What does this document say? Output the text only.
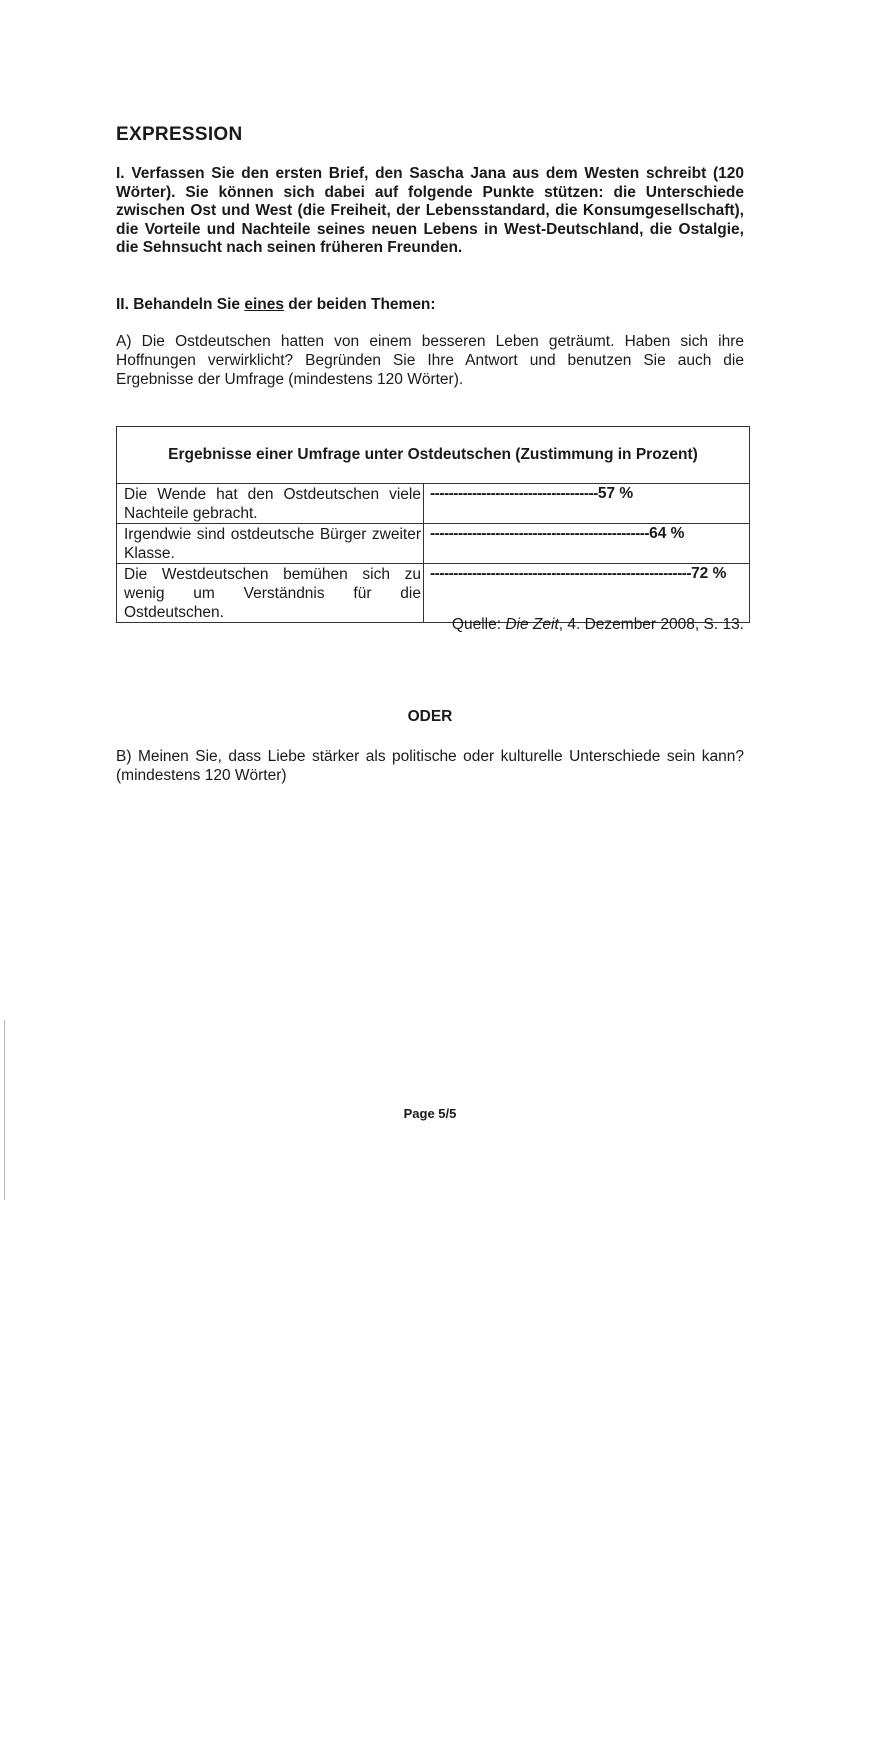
EXPRESSION

I. Verfassen Sie den ersten Brief, den Sascha Jana aus dem Westen schreibt (120 Wörter). Sie können sich dabei auf folgende Punkte stützen: die Unterschiede zwischen Ost und West (die Freiheit, der Lebensstandard, die Konsumgesellschaft), die Vorteile und Nachteile seines neuen Lebens in West-Deutschland, die Ostalgie, die Sehnsucht nach seinen früheren Freunden.

II. Behandeln Sie eines der beiden Themen:

A) Die Ostdeutschen hatten von einem besseren Leben geträumt. Haben sich ihre Hoffnungen verwirklicht? Begründen Sie Ihre Antwort und benutzen Sie auch die Ergebnisse der Umfrage (mindestens 120 Wörter).

Ergebnisse einer Umfrage unter Ostdeutschen (Zustimmung in Prozent)
Die Wende hat den Ostdeutschen viele Nachteile gebracht.
------------------------------------57 %
Irgendwie sind ostdeutsche Bürger zweiter Klasse.
-----------------------------------------------64 %
Die Westdeutschen bemühen sich zu wenig um Verständnis für die Ostdeutschen.
--------------------------------------------------------72 %

Quelle: Die Zeit, 4. Dezember 2008, S. 13.

ODER

B) Meinen Sie, dass Liebe stärker als politische oder kulturelle Unterschiede sein kann? (mindestens 120 Wörter)

Page 5/5
